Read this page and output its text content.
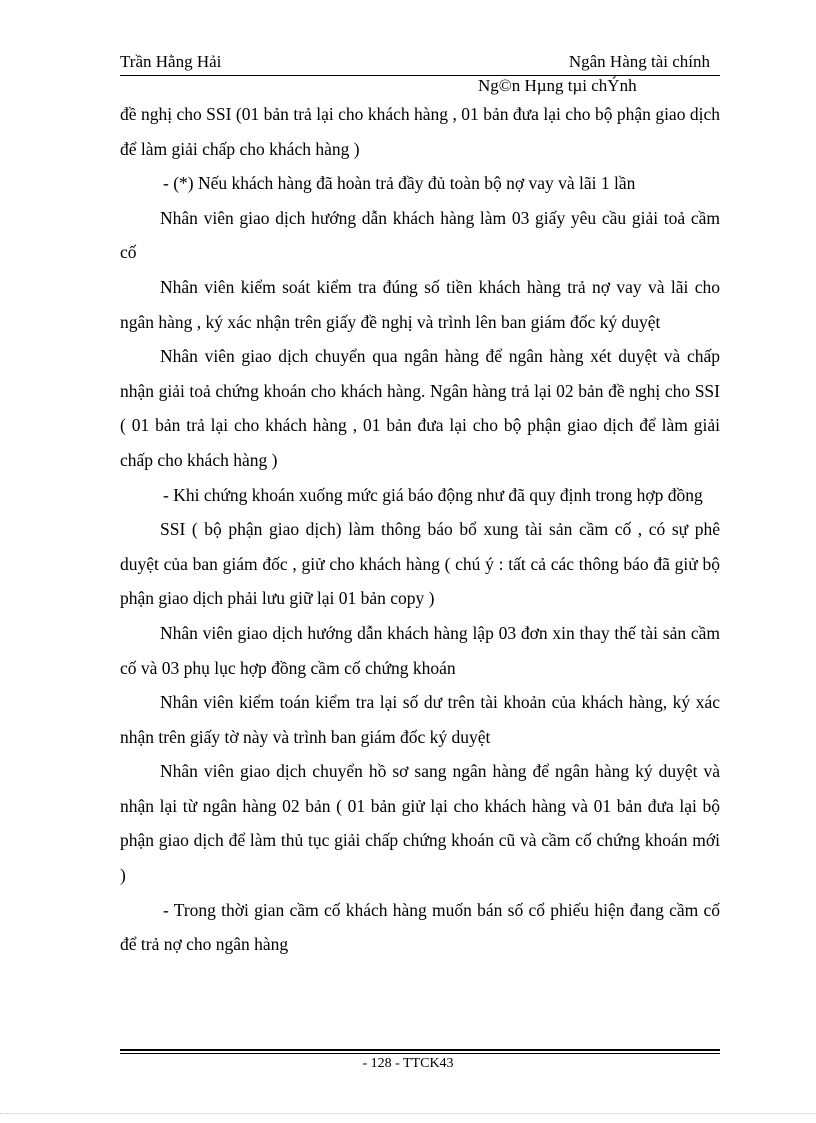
Trần Hằng Hải	Ngân Hàng tài chính
Ng©n Hµng tµi chÝnh

đề nghị cho SSI (01 bản trả lại cho khách hàng , 01 bản đưa lại cho bộ phận giao dịch để làm giải chấp cho khách hàng )

- (*) Nếu khách hàng đã hoàn trả đầy đủ toàn bộ nợ vay và lãi 1 lần

Nhân viên giao dịch hướng dẫn khách hàng làm 03 giấy yêu cầu giải toả cầm cố

Nhân viên kiểm soát kiểm tra đúng số tiền khách hàng trả nợ vay và lãi cho ngân hàng , ký xác nhận trên giấy đề nghị và trình lên ban giám đốc ký duyệt

Nhân viên giao dịch chuyển qua ngân hàng để ngân hàng xét duyệt và chấp nhận giải toả chứng khoán cho khách hàng. Ngân hàng trả lại 02 bản đề nghị cho SSI ( 01 bản trả lại cho khách hàng , 01 bản đưa lại cho bộ phận giao dịch để làm giải chấp cho khách hàng )

- Khi chứng khoán xuống mức giá báo động như đã quy định trong hợp đồng

SSI ( bộ phận giao dịch) làm thông báo bổ xung tài sản cầm cố , có sự phê duyệt của ban giám đốc , giử cho khách hàng ( chú ý : tất cả các thông báo đã giử bộ phận giao dịch phải lưu giữ lại 01 bản copy )

Nhân viên giao dịch hướng dẫn khách hàng lập 03 đơn xin thay thế tài sản cầm cố và 03 phụ lục hợp đồng cầm cố chứng khoán

Nhân viên kiểm toán kiểm tra lại số dư trên tài khoản của khách hàng, ký xác nhận trên giấy tờ này và trình ban giám đốc ký duyệt

Nhân viên giao dịch chuyển hồ sơ sang ngân hàng để ngân hàng ký duyệt và nhận lại từ ngân hàng 02 bản ( 01 bản giử lại cho khách hàng và 01 bản đưa lại bộ phận giao dịch để làm thủ tục giải chấp chứng khoán cũ và cầm cố chứng khoán mới )

- Trong thời gian cầm cố khách hàng muốn bán số cổ phiếu hiện đang cầm cố để trả nợ cho ngân hàng

- 128 - TTCK43
